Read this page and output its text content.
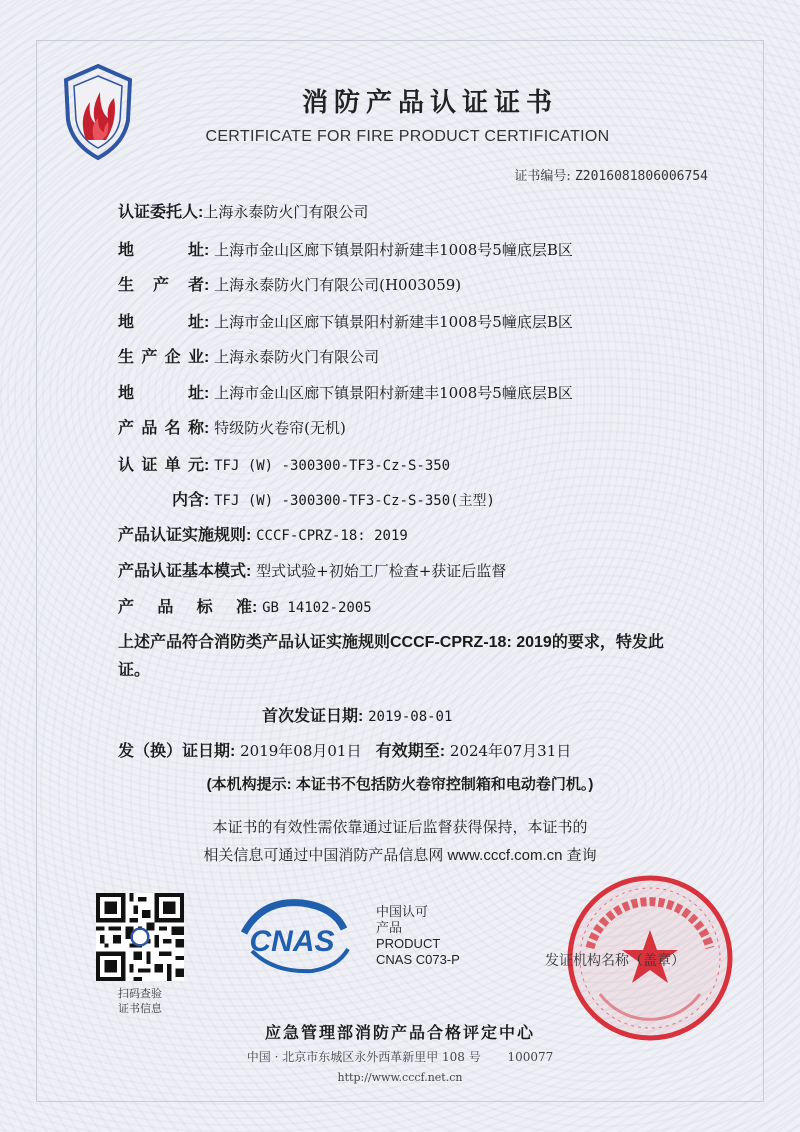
消防产品认证证书
CERTIFICATE FOR FIRE PRODUCT CERTIFICATION
证书编号: Z2016081806006754
认证委托人:上海永泰防火门有限公司
地址: 上海市金山区廊下镇景阳村新建丰1008号5幢底层B区
生产者: 上海永泰防火门有限公司(H003059)
地址: 上海市金山区廊下镇景阳村新建丰1008号5幢底层B区
生产企业: 上海永泰防火门有限公司
地址: 上海市金山区廊下镇景阳村新建丰1008号5幢底层B区
产品名称: 特级防火卷帘(无机)
认证单元: TFJ (W) -300300-TF3-Cz-S-350
内含: TFJ (W) -300300-TF3-Cz-S-350(主型)
产品认证实施规则: CCCF-CPRZ-18: 2019
产品认证基本模式: 型式试验+初始工厂检查+获证后监督
产品标准: GB 14102-2005
上述产品符合消防类产品认证实施规则CCCF-CPRZ-18: 2019的要求，特发此证。
首次发证日期: 2019-08-01
发（换）证日期: 2019年08月01日 有效期至: 2024年07月31日
(本机构提示: 本证书不包括防火卷帘控制箱和电动卷门机。)
本证书的有效性需依靠通过证后监督获得保持，本证书的
相关信息可通过中国消防产品信息网 www.cccf.com.cn 查询
扫码查验
证书信息
CNAS
中国认可
产品
PRODUCT
CNAS C073-P	发证机构名称（盖章）
应急管理部消防产品合格评定中心
中国 · 北京市东城区永外西革新里甲 108 号 100077
http://www.cccf.net.cn
